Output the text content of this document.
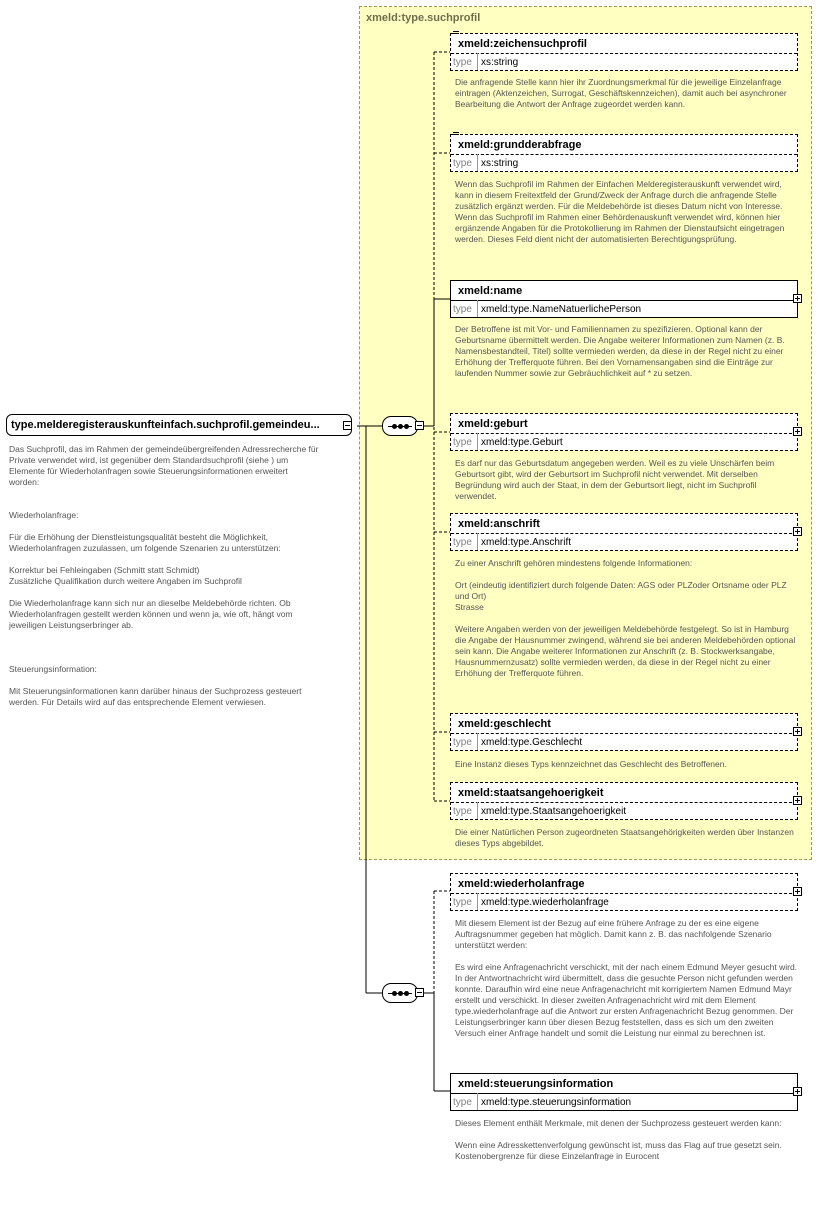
xmeld:type.suchprofil
type.melderegisterauskunfteinfach.suchprofil.gemeindeu...
Das Suchprofil, das im Rahmen der gemeindeübergreifenden Adressrecherche für
Private verwendet wird, ist gegenüber dem Standardsuchprofil (siehe ) um
Elemente für Wiederholanfragen sowie Steuerungsinformationen erweitert
worden:
Wiederholanfrage:
Für die Erhöhung der Dienstleistungsqualität besteht die Möglichkeit,
Wiederholanfragen zuzulassen, um folgende Szenarien zu unterstützen:
Korrektur bei Fehleingaben (Schmitt statt Schmidt)
Zusätzliche Qualifikation durch weitere Angaben im Suchprofil
Die Wiederholanfrage kann sich nur an dieselbe Meldebehörde richten. Ob
Wiederholanfragen gestellt werden können und wenn ja, wie oft, hängt vom
jeweiligen Leistungserbringer ab.
Steuerungsinformation:
Mit Steuerungsinformationen kann darüber hinaus der Suchprozess gesteuert
werden. Für Details wird auf das entsprechende Element verwiesen.
xmeld:zeichensuchprofil
type xs:string
Die anfragende Stelle kann hier ihr Zuordnungsmerkmal für die jeweilige Einzelanfrage eintragen (Aktenzeichen, Surrogat, Geschäftskennzeichen), damit auch bei asynchroner Bearbeitung die Antwort der Anfrage zugeordet werden kann.
xmeld:grundderabfrage
type xs:string
Wenn das Suchprofil im Rahmen der Einfachen Melderegisterauskunft verwendet wird, kann in diesem Freitextfeld der Grund/Zweck der Anfrage durch die anfragende Stelle zusätzlich ergänzt werden. Für die Meldebehörde ist dieses Datum nicht von Interesse. Wenn das Suchprofil im Rahmen einer Behördenauskunft verwendet wird, können hier ergänzende Angaben für die Protokollierung im Rahmen der Dienstaufsicht eingetragen werden. Dieses Feld dient nicht der automatisierten Berechtigungsprüfung.
xmeld:name
type xmeld:type.NameNatuerlichePerson
Der Betroffene ist mit Vor- und Familiennamen zu spezifizieren. Optional kann der Geburtsname übermittelt werden. Die Angabe weiterer Informationen zum Namen (z. B. Namensbestandteil, Titel) sollte vermieden werden, da diese in der Regel nicht zu einer Erhöhung der Trefferquote führen. Bei den Vornamensangaben sind die Einträge zur laufenden Nummer sowie zur Gebräuchlichkeit auf * zu setzen.
xmeld:geburt
type xmeld:type.Geburt
Es darf nur das Geburtsdatum angegeben werden. Weil es zu viele Unschärfen beim Geburtsort gibt, wird der Geburtsort im Suchprofil nicht verwendet. Mit derselben Begründung wird auch der Staat, in dem der Geburtsort liegt, nicht im Suchprofil verwendet.
xmeld:anschrift
type xmeld:type.Anschrift
Zu einer Anschrift gehören mindestens folgende Informationen:

Ort (eindeutig identifiziert durch folgende Daten: AGS oder PLZoder Ortsname oder PLZ und Ort)
Strasse

Weitere Angaben werden von der jeweiligen Meldebehörde festgelegt. So ist in Hamburg die Angabe der Hausnummer zwingend, während sie bei anderen Meldebehörden optional sein kann. Die Angabe weiterer Informationen zur Anschrift (z. B. Stockwerksangabe, Hausnummernzusatz) sollte vermieden werden, da diese in der Regel nicht zu einer Erhöhung der Trefferquote führen.
xmeld:geschlecht
type xmeld:type.Geschlecht
Eine Instanz dieses Typs kennzeichnet das Geschlecht des Betroffenen.
xmeld:staatsangehoerigkeit
type xmeld:type.Staatsangehoerigkeit
Die einer Natürlichen Person zugeordneten Staatsangehörigkeiten werden über Instanzen dieses Typs abgebildet.
xmeld:wiederholanfrage
type xmeld:type.wiederholanfrage
Mit diesem Element ist der Bezug auf eine frühere Anfrage zu der es eine eigene Auftragsnummer gegeben hat möglich. Damit kann z. B. das nachfolgende Szenario unterstützt werden:

Es wird eine Anfragenachricht verschickt, mit der nach einem Edmund Meyer gesucht wird. In der Antwortnachricht wird übermittelt, dass die gesuchte Person nicht gefunden werden konnte. Daraufhin wird eine neue Anfragenachricht mit korrigiertem Namen Edmund Mayr erstellt und verschickt. In dieser zweiten Anfragenachricht wird mit dem Element type.wiederholanfrage auf die Antwort zur ersten Anfragenachricht Bezug genommen. Der Leistungserbringer kann über diesen Bezug feststellen, dass es sich um den zweiten Versuch einer Anfrage handelt und somit die Leistung nur einmal zu berechnen ist.
xmeld:steuerungsinformation
type xmeld:type.steuerungsinformation
Dieses Element enthält Merkmale, mit denen der Suchprozess gesteuert werden kann:

Wenn eine Adresskettenverfolgung gewünscht ist, muss das Flag auf true gesetzt sein.
Kostenobergrenze für diese Einzelanfrage in Eurocent
